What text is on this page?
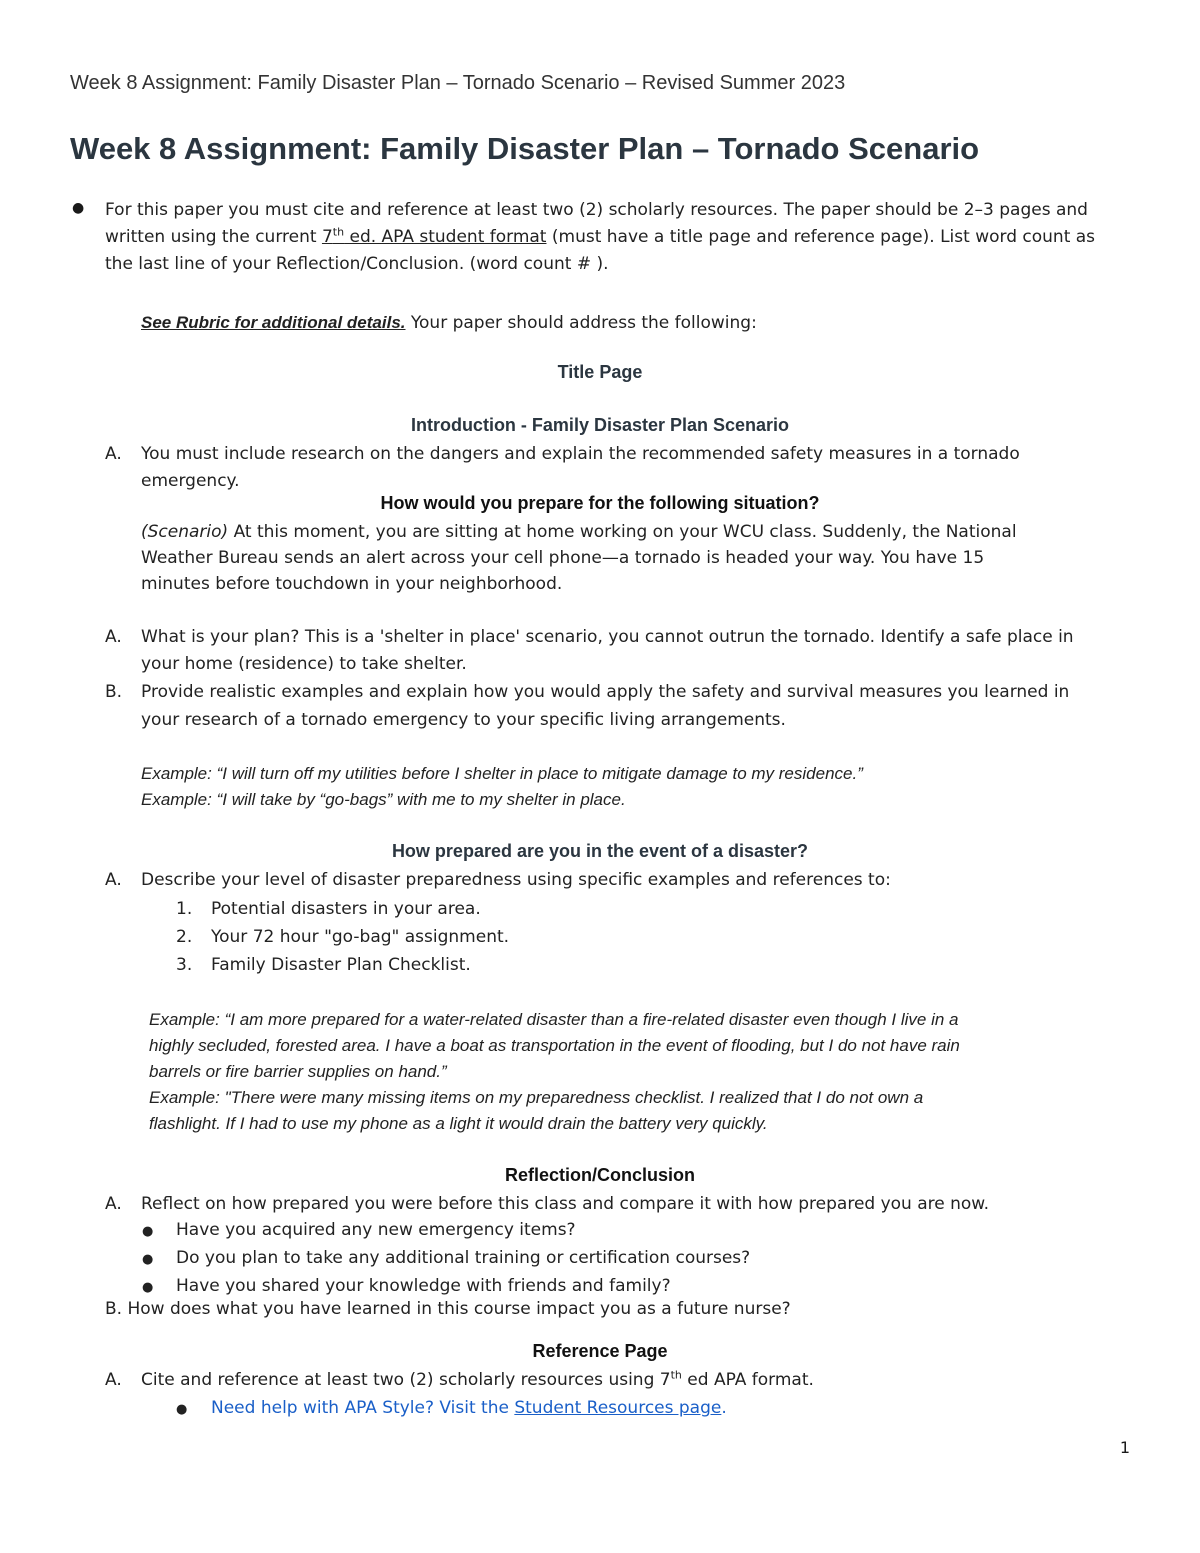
Week 8 Assignment: Family Disaster Plan – Tornado Scenario – Revised Summer 2023
Week 8 Assignment: Family Disaster Plan – Tornado Scenario
● For this paper you must cite and reference at least two (2) scholarly resources. The paper should be 2–3 pages and
written using the current 7th ed. APA student format (must have a title page and reference page). List word count as
the last line of your Reflection/Conclusion. (word count # ).
See Rubric for additional details. Your paper should address the following:
Title Page
Introduction - Family Disaster Plan Scenario
A.	You must include research on the dangers and explain the recommended safety measures in a tornado
emergency.
How would you prepare for the following situation?
(Scenario) At this moment, you are sitting at home working on your WCU class. Suddenly, the National
Weather Bureau sends an alert across your cell phone—a tornado is headed your way. You have 15
minutes before touchdown in your neighborhood.
A.	What is your plan? This is a 'shelter in place' scenario, you cannot outrun the tornado. Identify a safe place in
your home (residence) to take shelter.
B.	Provide realistic examples and explain how you would apply the safety and survival measures you learned in
your research of a tornado emergency to your specific living arrangements.
Example: “I will turn off my utilities before I shelter in place to mitigate damage to my residence.”
Example: “I will take by “go-bags” with me to my shelter in place.
How prepared are you in the event of a disaster?
A.	Describe your level of disaster preparedness using specific examples and references to:
1. Potential disasters in your area.
2. Your 72 hour "go-bag" assignment.
3. Family Disaster Plan Checklist.
Example: “I am more prepared for a water-related disaster than a fire-related disaster even though I live in a
highly secluded, forested area. I have a boat as transportation in the event of flooding, but I do not have rain
barrels or fire barrier supplies on hand.”
Example: "There were many missing items on my preparedness checklist. I realized that I do not own a
flashlight. If I had to use my phone as a light it would drain the battery very quickly.
Reflection/Conclusion
A.	Reflect on how prepared you were before this class and compare it with how prepared you are now.
● Have you acquired any new emergency items?
● Do you plan to take any additional training or certification courses?
● Have you shared your knowledge with friends and family?
B. How does what you have learned in this course impact you as a future nurse?
Reference Page
A.	Cite and reference at least two (2) scholarly resources using 7th ed APA format.
● Need help with APA Style? Visit the Student Resources page.
1
